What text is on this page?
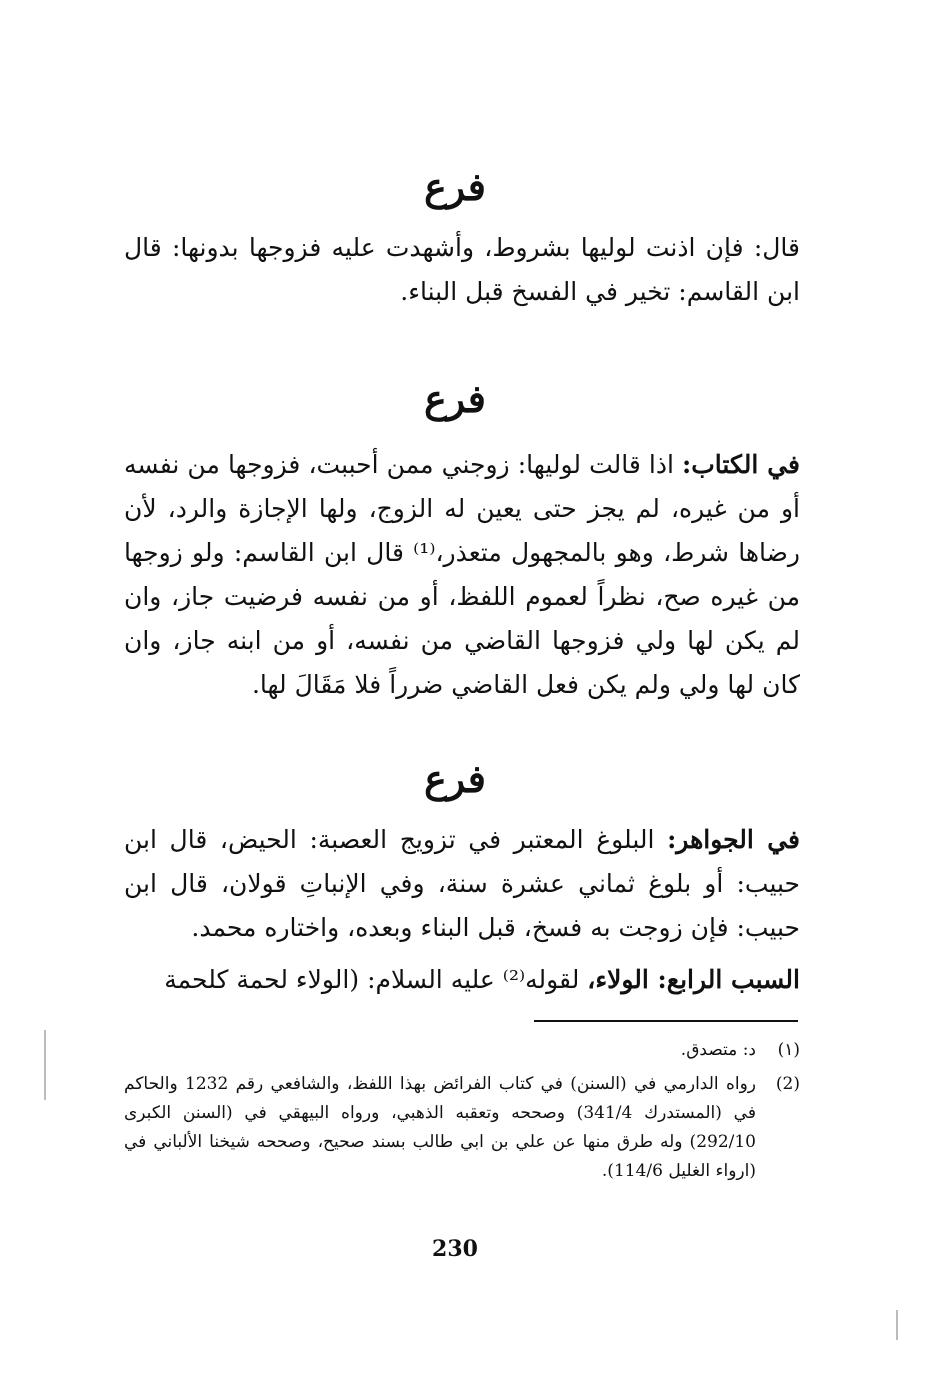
فرع
قال: فإن اذنت لوليها بشروط، وأشهدت عليه فزوجها بدونها: قال ابن القاسم: تخير في الفسخ قبل البناء.
فرع
في الكتاب: اذا قالت لوليها: زوجني ممن أحببت، فزوجها من نفسه أو من غيره، لم يجز حتى يعين له الزوج، ولها الإجازة والرد، لأن رضاها شرط، وهو بالمجهول متعذر،⁽¹⁾ قال ابن القاسم: ولو زوجها من غيره صح، نظراً لعموم اللفظ، أو من نفسه فرضيت جاز، وان لم يكن لها ولي فزوجها القاضي من نفسه، أو من ابنه جاز، وان كان لها ولي ولم يكن فعل القاضي ضرراً فلا مَقَالَ لها.
فرع
في الجواهر: البلوغ المعتبر في تزويج العصبة: الحيض، قال ابن حبيب: أو بلوغ ثماني عشرة سنة، وفي الإنباتِ قولان، قال ابن حبيب: فإن زوجت به فسخ، قبل البناء وبعده، واختاره محمد.
السبب الرابع: الولاء، لقوله⁽²⁾ عليه السلام: (الولاء لحمة كلحمة
(١)د: متصدق.
(2)
رواه الدارمي في (السنن) في كتاب الفرائض بهذا اللفظ، والشافعي رقم 1232 والحاكم في (المستدرك 341/4) وصححه وتعقبه الذهبي، ورواه البيهقي في (السنن الكبرى 292/10) وله طرق منها عن علي بن ابي طالب بسند صحيح، وصححه شيخنا الألباني في (ارواء الغليل 114/6).
230
